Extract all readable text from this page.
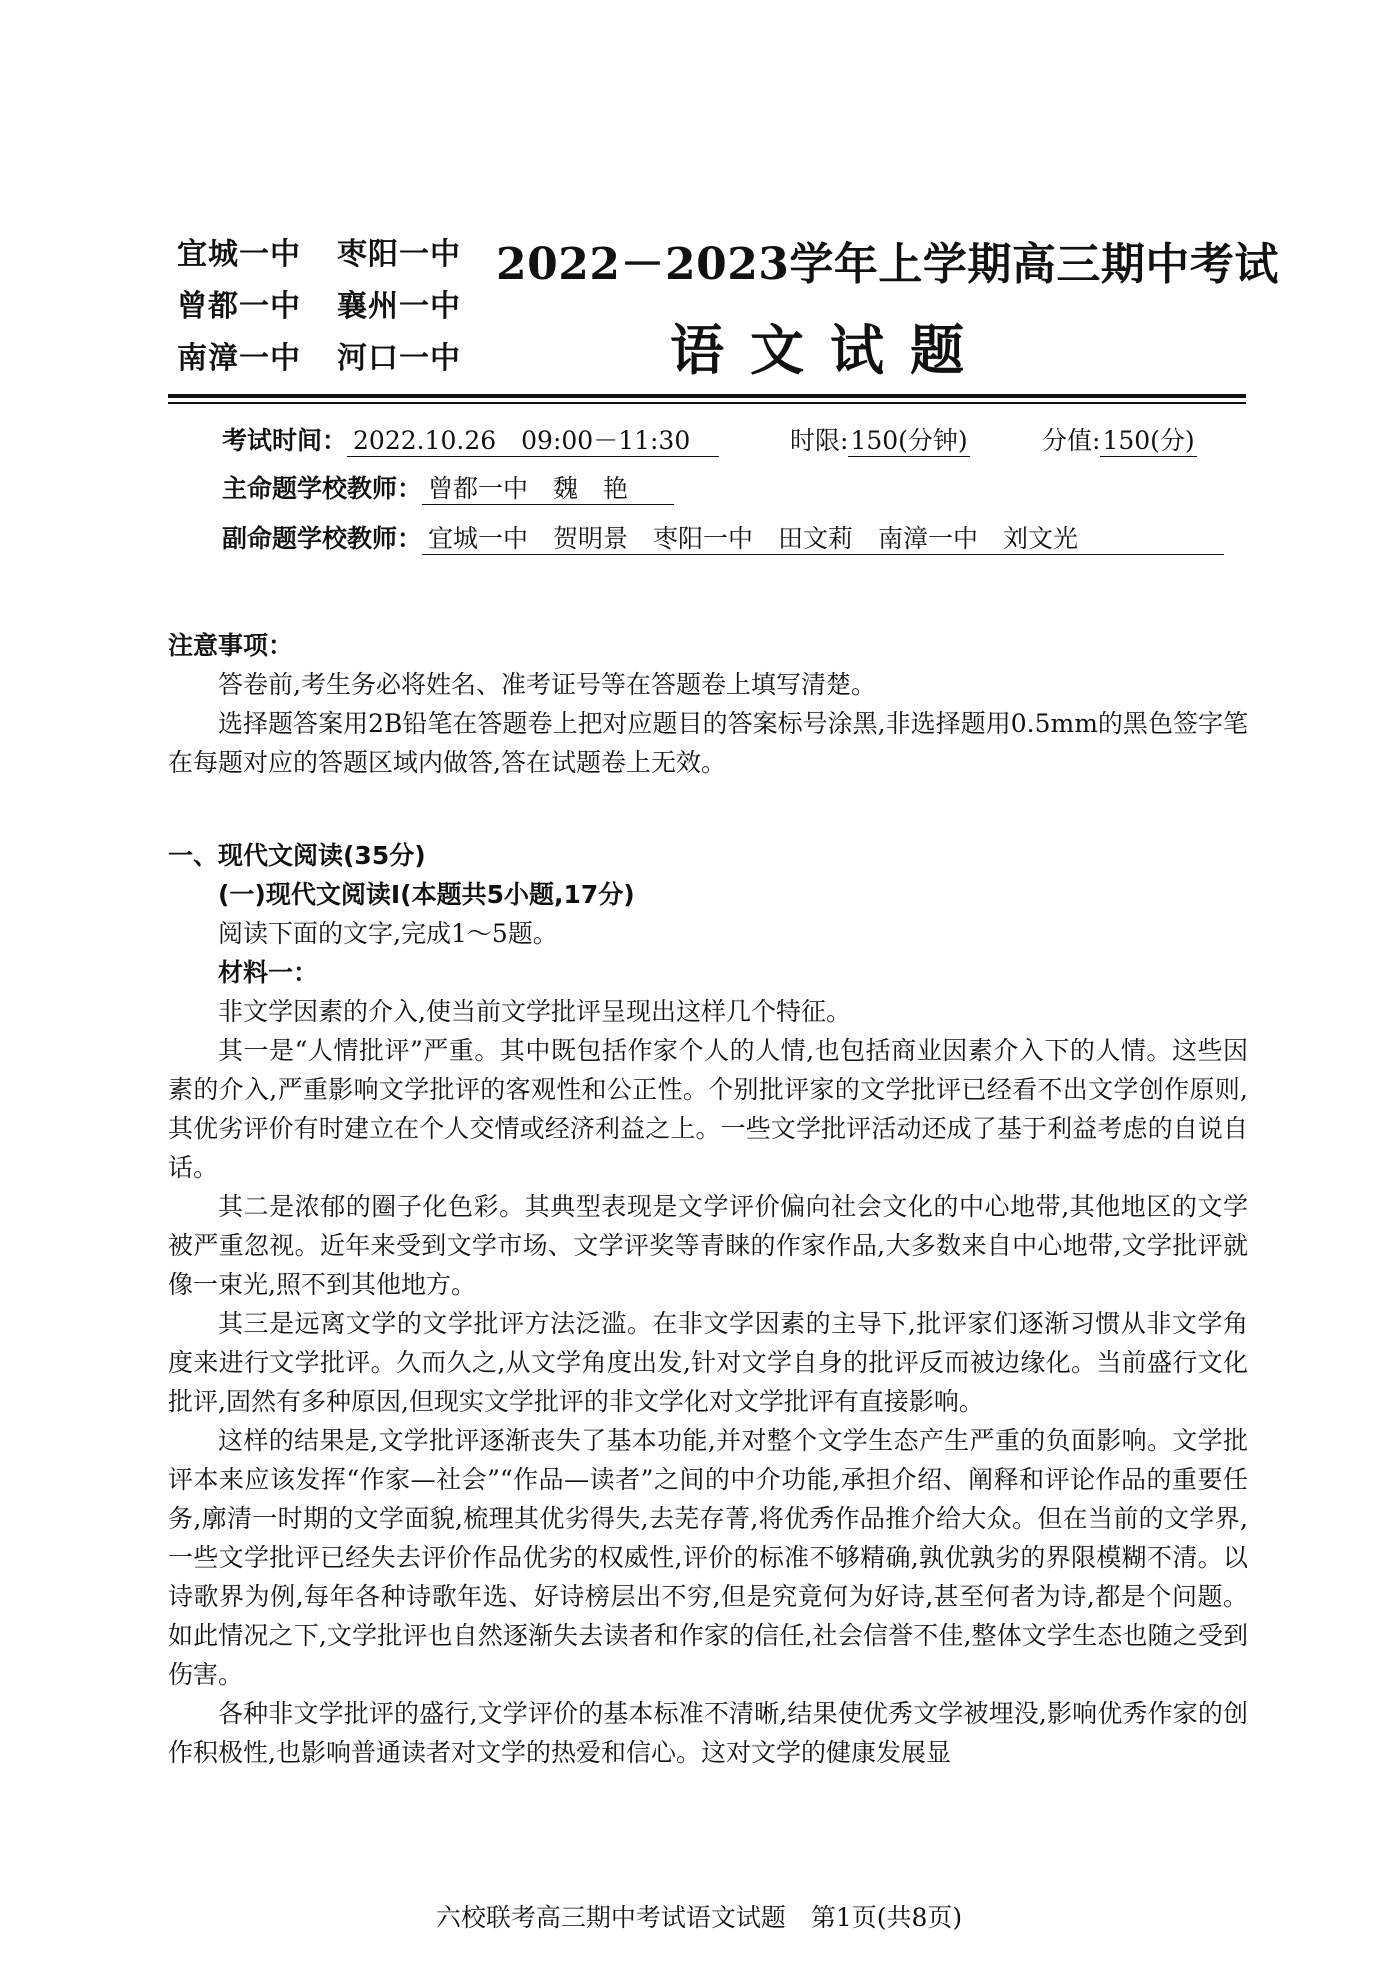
宜城一中 枣阳一中
曾都一中 襄州一中
南漳一中 河口一中
2022－2023学年上学期高三期中考试
语文试题
考试时间： 2022.10.26　09:00－11:30	时限:150(分钟)	分值:150(分)
主命题学校教师： 曾都一中　魏　艳
副命题学校教师： 宜城一中　贺明景　枣阳一中　田文莉　南漳一中　刘文光

注意事项：

答卷前,考生务必将姓名、准考证号等在答题卷上填写清楚。

选择题答案用2B铅笔在答题卷上把对应题目的答案标号涂黑,非选择题用0.5mm的黑色签字笔在每题对应的答题区域内做答,答在试题卷上无效。

一、现代文阅读(35分)

(一)现代文阅读Ⅰ(本题共5小题,17分)

阅读下面的文字,完成1～5题。

材料一：

非文学因素的介入,使当前文学批评呈现出这样几个特征。

其一是“人情批评”严重。其中既包括作家个人的人情,也包括商业因素介入下的人情。这些因素的介入,严重影响文学批评的客观性和公正性。个别批评家的文学批评已经看不出文学创作原则,其优劣评价有时建立在个人交情或经济利益之上。一些文学批评活动还成了基于利益考虑的自说自话。

其二是浓郁的圈子化色彩。其典型表现是文学评价偏向社会文化的中心地带,其他地区的文学被严重忽视。近年来受到文学市场、文学评奖等青睐的作家作品,大多数来自中心地带,文学批评就像一束光,照不到其他地方。

其三是远离文学的文学批评方法泛滥。在非文学因素的主导下,批评家们逐渐习惯从非文学角度来进行文学批评。久而久之,从文学角度出发,针对文学自身的批评反而被边缘化。当前盛行文化批评,固然有多种原因,但现实文学批评的非文学化对文学批评有直接影响。

这样的结果是,文学批评逐渐丧失了基本功能,并对整个文学生态产生严重的负面影响。文学批评本来应该发挥“作家—社会”“作品—读者”之间的中介功能,承担介绍、阐释和评论作品的重要任务,廓清一时期的文学面貌,梳理其优劣得失,去芜存菁,将优秀作品推介给大众。但在当前的文学界,一些文学批评已经失去评价作品优劣的权威性,评价的标准不够精确,孰优孰劣的界限模糊不清。以诗歌界为例,每年各种诗歌年选、好诗榜层出不穷,但是究竟何为好诗,甚至何者为诗,都是个问题。如此情况之下,文学批评也自然逐渐失去读者和作家的信任,社会信誉不佳,整体文学生态也随之受到伤害。

各种非文学批评的盛行,文学评价的基本标准不清晰,结果使优秀文学被埋没,影响优秀作家的创作积极性,也影响普通读者对文学的热爱和信心。这对文学的健康发展显

六校联考高三期中考试语文试题　第1页(共8页)
